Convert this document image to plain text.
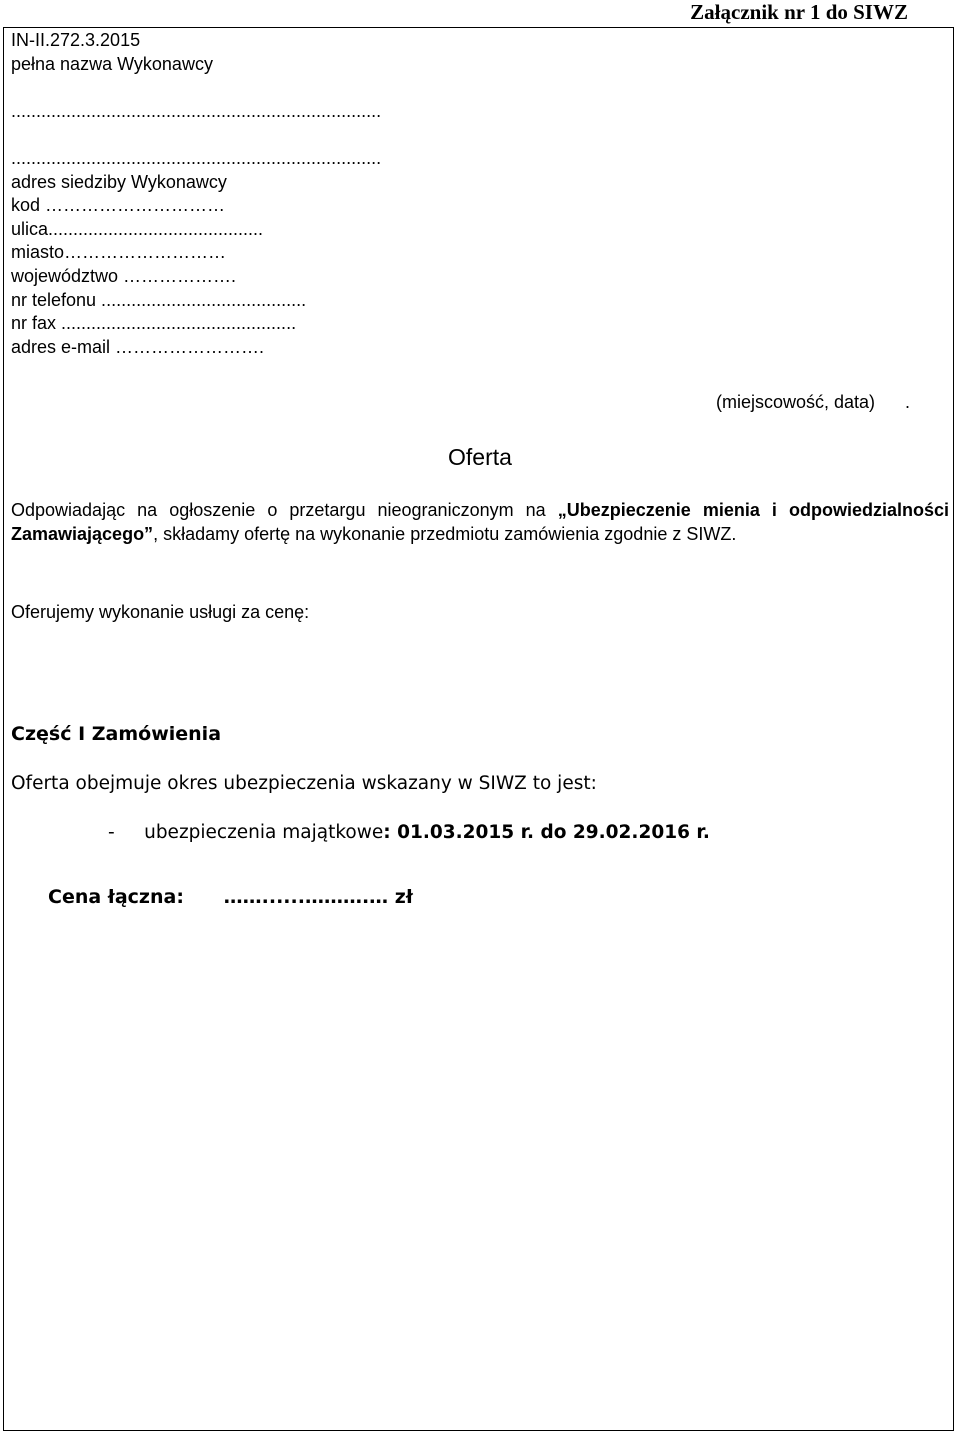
Załącznik nr 1 do SIWZ
IN-II.272.3.2015
pełna nazwa Wykonawcy

..........................................................................

..........................................................................
adres siedziby Wykonawcy
kod …………………………
ulica...........................................
miasto………………………
województwo ……………….
nr telefonu .........................................
nr fax ...............................................
adres e-mail …………………….
(miejscowość, data)      .
Oferta
Odpowiadając na ogłoszenie o przetargu nieograniczonym na „Ubezpieczenie mienia i odpowiedzialności Zamawiającego”, składamy ofertę na wykonanie przedmiotu zamówienia zgodnie z SIWZ.
Oferujemy wykonanie usługi za cenę:
Część I Zamówienia
Oferta obejmuje okres ubezpieczenia wskazany w SIWZ to jest:
- ubezpieczenia majątkowe: 01.03.2015 r. do 29.02.2016 r.
Cena łączna: ……......……….… zł
